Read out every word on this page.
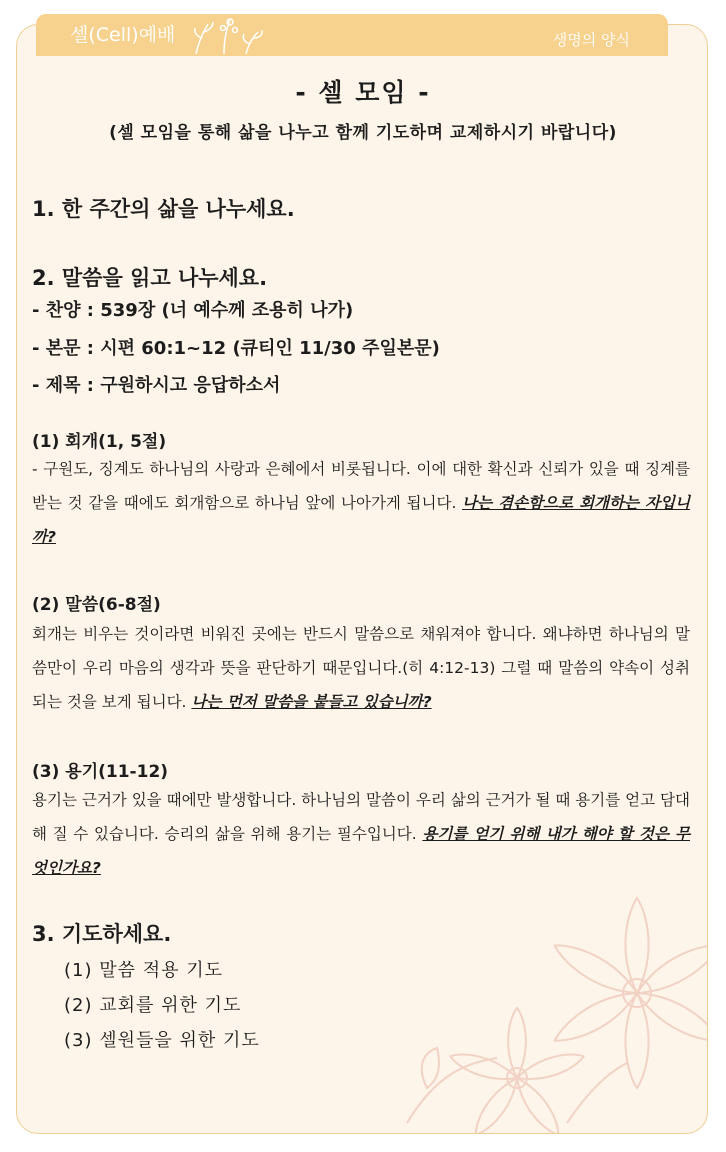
셀(Cell)예배	생명의 양식
- 셀 모임 -
(셀 모임을 통해 삶을 나누고 함께 기도하며 교제하시기 바랍니다)
1. 한 주간의 삶을 나누세요.
2. 말씀을 읽고 나누세요.
- 찬양 : 539장 (너 예수께 조용히 나가)
- 본문 : 시편 60:1~12 (큐티인 11/30 주일본문)
- 제목 : 구원하시고 응답하소서
(1) 회개(1, 5절)
- 구원도, 징계도 하나님의 사랑과 은혜에서 비롯됩니다. 이에 대한 확신과 신뢰가 있을 때 징계를 받는 것 같을 때에도 회개함으로 하나님 앞에 나아가게 됩니다. 나는 겸손함으로 회개하는 자입니까?
(2) 말씀(6-8절)
회개는 비우는 것이라면 비워진 곳에는 반드시 말씀으로 채워져야 합니다. 왜냐하면 하나님의 말씀만이 우리 마음의 생각과 뜻을 판단하기 때문입니다.(히 4:12-13) 그럴 때 말씀의 약속이 성취되는 것을 보게 됩니다. 나는 먼저 말씀을 붙들고 있습니까?
(3) 용기(11-12)
용기는 근거가 있을 때에만 발생합니다. 하나님의 말씀이 우리 삶의 근거가 될 때 용기를 얻고 담대해 질 수 있습니다. 승리의 삶을 위해 용기는 필수입니다. 용기를 얻기 위해 내가 해야 할 것은 무엇인가요?
3. 기도하세요.
(1) 말씀 적용 기도
(2) 교회를 위한 기도
(3) 셀원들을 위한 기도
